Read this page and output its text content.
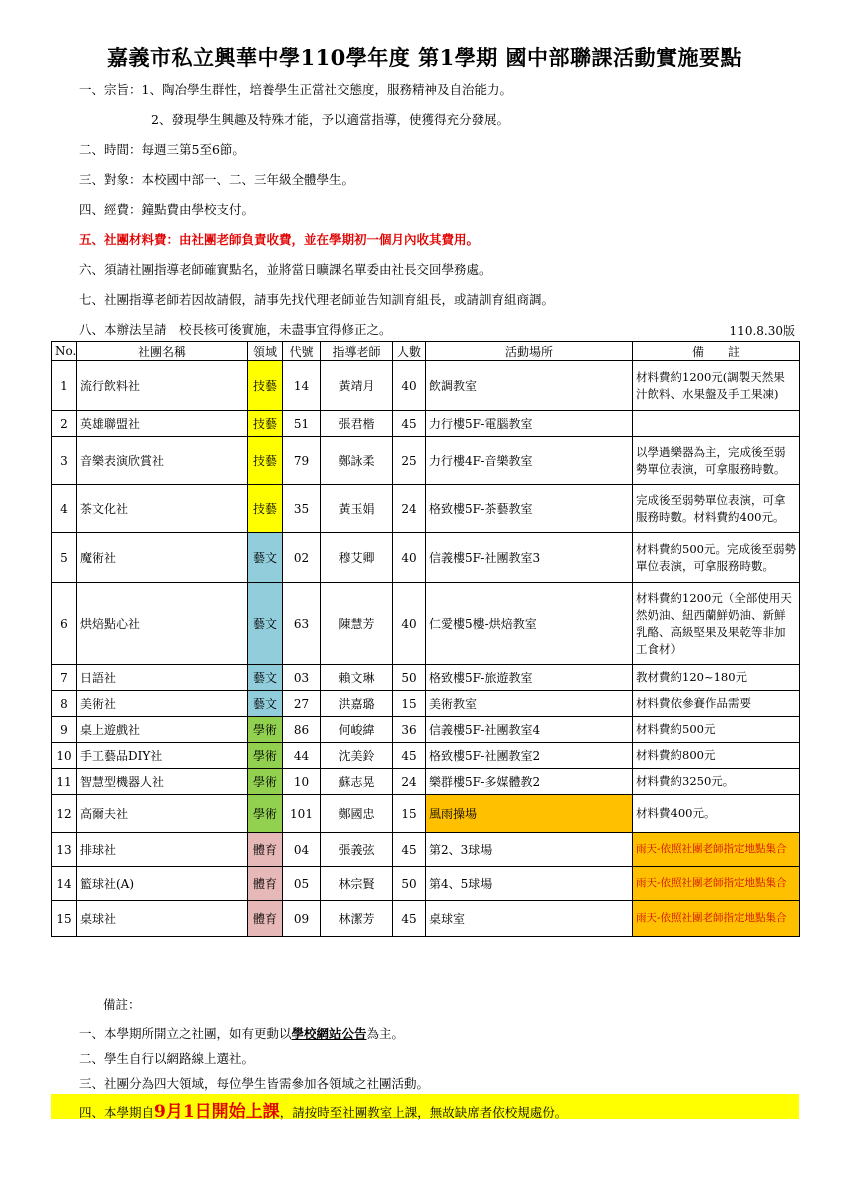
嘉義市私立興華中學110學年度 第1學期 國中部聯課活動實施要點
一、宗旨：1、陶冶學生群性，培養學生正當社交態度，服務精神及自治能力。
2、發現學生興趣及特殊才能，予以適當指導，使獲得充分發展。
二、時間：每週三第5至6節。
三、對象：本校國中部一、二、三年級全體學生。
四、經費：鐘點費由學校支付。
五、社團材料費：由社團老師負責收費，並在學期初一個月內收其費用。
六、須請社團指導老師確實點名，並將當日曠課名單委由社長交回學務處。
七、社團指導老師若因故請假，請事先找代理老師並告知訓育組長，或請訓育組商調。
八、本辦法呈請　校長核可後實施，未盡事宜得修正之。	110.8.30版
No.	社團名稱	領域	代號	指導老師	人數	活動場所	備　　註
1	流行飲料社	技藝	14	黃靖月	40	飲調教室	材料費約1200元(調製天然果汁飲料、水果盤及手工果凍)
2	英雄聯盟社	技藝	51	張君楷	45	力行樓5F-電腦教室	
3	音樂表演欣賞社	技藝	79	鄭詠柔	25	力行樓4F-音樂教室	以學過樂器為主，完成後至弱勢單位表演，可拿服務時數。
4	茶文化社	技藝	35	黃玉娟	24	格致樓5F-茶藝教室	完成後至弱勢單位表演，可拿服務時數。材料費約400元。
5	魔術社	藝文	02	穆艾卿	40	信義樓5F-社團教室3	材料費約500元。完成後至弱勢單位表演，可拿服務時數。
6	烘焙點心社	藝文	63	陳慧芳	40	仁愛樓5樓-烘焙教室	材料費約1200元（全部使用天然奶油、紐西蘭鮮奶油、新鮮乳酪、高級堅果及果乾等非加工食材）
7	日語社	藝文	03	賴文琳	50	格致樓5F-旅遊教室	教材費約120~180元
8	美術社	藝文	27	洪嘉璐	15	美術教室	材料費依參賽作品需要
9	桌上遊戲社	學術	86	何峻緯	36	信義樓5F-社團教室4	材料費約500元
10	手工藝品DIY社	學術	44	沈美鈴	45	格致樓5F-社團教室2	材料費約800元
11	智慧型機器人社	學術	10	蘇志晃	24	樂群樓5F-多媒體教2	材料費約3250元。
12	高爾夫社	學術	101	鄭國忠	15	風雨操場	材料費400元。
13	排球社	體育	04	張義弦	45	第2、3球場	雨天-依照社團老師指定地點集合
14	籃球社(A)	體育	05	林宗賢	50	第4、5球場	雨天-依照社團老師指定地點集合
15	桌球社	體育	09	林潔芳	45	桌球室	雨天-依照社團老師指定地點集合
備註：
一、本學期所開立之社團，如有更動以學校網站公告為主。
二、學生自行以網路線上選社。
三、社團分為四大領域，每位學生皆需參加各領域之社團活動。
四、本學期自9月1日開始上課，請按時至社團教室上課，無故缺席者依校規處份。
